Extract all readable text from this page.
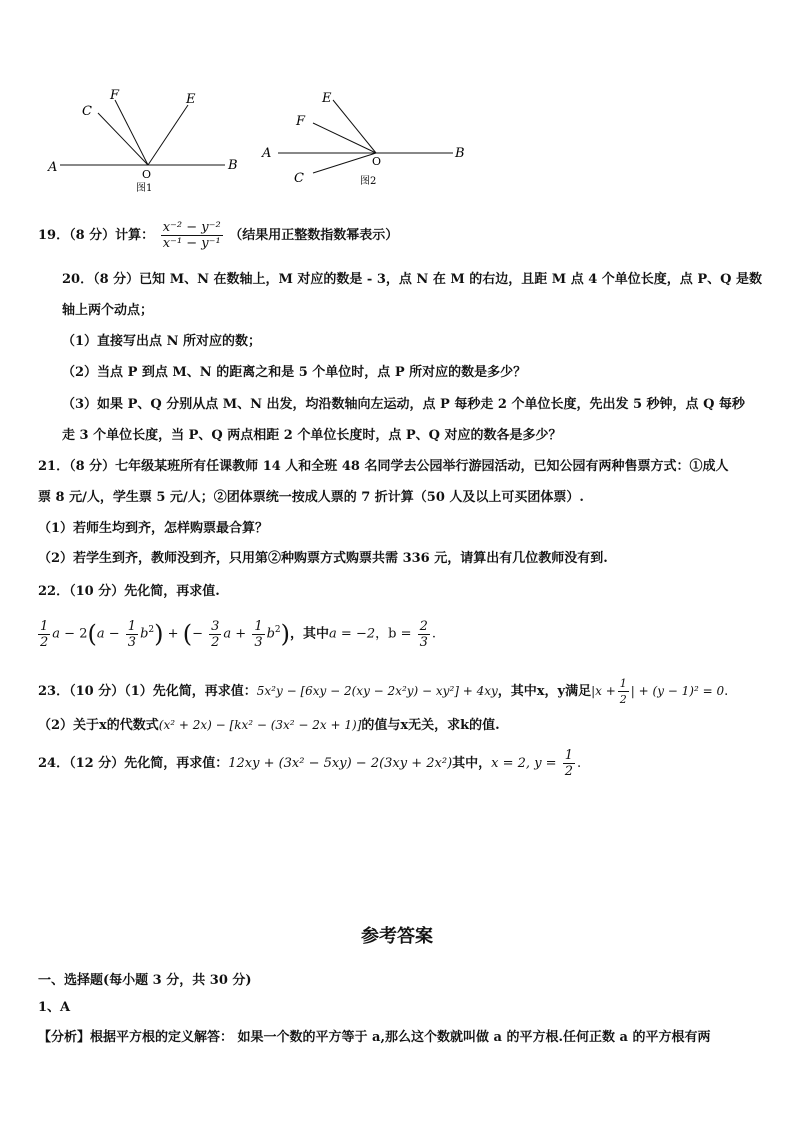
A	B
C
F	E
O
图1
A	B
E
F
C
O
图2
19．（8 分）计算： $\frac{\text{x⁻² − y⁻²}}{\text{x⁻¹ − y⁻¹}}$ （结果用正整数指数幂表示）
20．（8 分）已知 M、N 在数轴上，M 对应的数是 - 3，点 N 在 M 的右边，且距 M 点 4 个单位长度，点 P、Q 是数
轴上两个动点；
（1）直接写出点 N 所对应的数；
（2）当点 P 到点 M、N 的距离之和是 5 个单位时，点 P 所对应的数是多少？
（3）如果 P、Q 分别从点 M、N 出发，均沿数轴向左运动，点 P 每秒走 2 个单位长度，先出发 5 秒钟，点 Q 每秒
走 3 个单位长度，当 P、Q 两点相距 2 个单位长度时，点 P、Q 对应的数各是多少？
21．（8 分）七年级某班所有任课教师 14 人和全班 48 名同学去公园举行游园活动，已知公园有两种售票方式：①成人
票 8 元/人，学生票 5 元/人；②团体票统一按成人票的 7 折计算（50 人及以上可买团体票）.
（1）若师生均到齐，怎样购票最合算？
（2）若学生到齐，教师没到齐，只用第②种购票方式购票共需 336 元，请算出有几位教师没有到.
22．（10 分）先化简，再求值.
$\frac{1}{2}$ $a - 2(a - \frac{1}{3} b^2)$ + (− $\frac{3}{2}$ $a + \frac{1}{3} b^2$)，其中a = −2，$b = \frac{2}{3}$ .
23．（10 分）（1）先化简，再求值：5x²y − [6xy − 2(xy − 2x²y) − xy²] + 4xy，其中x，y满足$|x + \frac{1}{2}$ | + (y − 1)² = 0.
（2）关于x的代数式(x² + 2x) − [kx² − (3x² − 2x + 1)]的值与x无关，求k的值.
24．（12 分）先化简，再求值：12xy + (3x² − 5xy) − 2(3xy + 2x²)其中，x = 2, $y = \frac{1}{2}$ .
参考答案
一、选择题(每小题 3 分，共 30 分)
1、A
【分析】根据平方根的定义解答： 如果一个数的平方等于 a,那么这个数就叫做 a 的平方根.任何正数 a 的平方根有两
